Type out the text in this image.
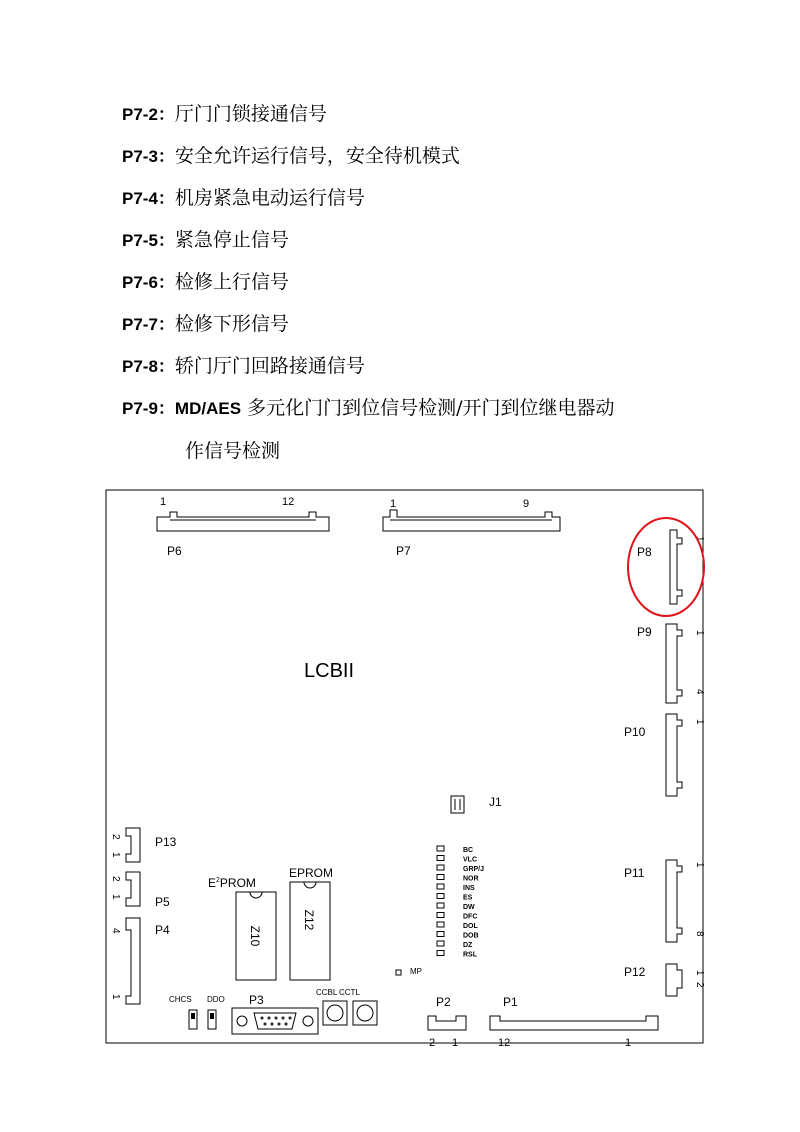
P7-2：厅门门锁接通信号
P7-3：安全允许运行信号，安全待机模式
P7-4：机房紧急电动运行信号
P7-5：紧急停止信号
P7-6：检修上行信号
P7-7：检修下形信号
P7-8：轿门厅门回路接通信号
P7-9：MD/AES 多元化门门到位信号检测/开门到位继电器动
作信号检测
LCBII
1	12
P6
1	9
P7	P8
1
P9	1
4
P10
1
P11
1
8
P12	1
2
P13
2
1
P5
2
1
P4
4
1
$E^2PROM$
Z10
EPROM
Z12
J1
BC
VLC
GRP/J
NOR
INS
ES
DW
DFC
DOL
DOB
DZ
RSL
MP
CHCS DDO P3
CCBL CCTL
P2
2 1
P1
12	1
